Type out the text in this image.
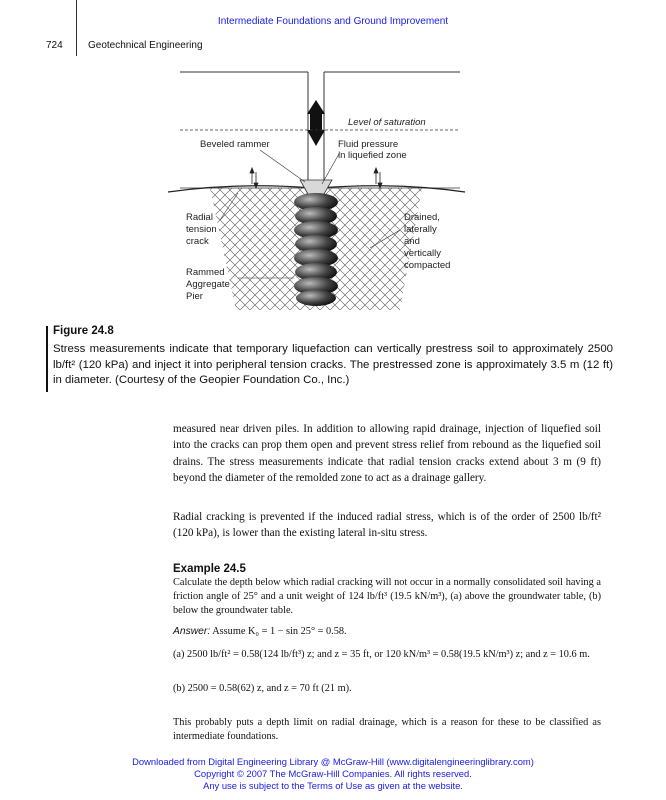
Intermediate Foundations and Ground Improvement
724	Geotechnical Engineering
Level of saturation
Beveled rammer	Fluid pressure
in liquefied zone
Radial
tension
crack
Rammed
Aggregate
Pier
Drained,
laterally
and
vertically
compacted
Figure 24.8
Stress measurements indicate that temporary liquefaction can vertically prestress soil to approximately 2500 lb/ft² (120 kPa) and inject it into peripheral tension cracks. The prestressed zone is approximately 3.5 m (12 ft) in diameter. (Courtesy of the Geopier Foundation Co., Inc.)
measured near driven piles. In addition to allowing rapid drainage, injection of liquefied soil into the cracks can prop them open and prevent stress relief from rebound as the liquefied soil drains. The stress measurements indicate that radial tension cracks extend about 3 m (9 ft) beyond the diameter of the remolded zone to act as a drainage gallery.
Radial cracking is prevented if the induced radial stress, which is of the order of 2500 lb/ft² (120 kPa), is lower than the existing lateral in-situ stress.
Example 24.5
Calculate the depth below which radial cracking will not occur in a normally consolidated soil having a friction angle of 25° and a unit weight of 124 lb/ft³ (19.5 kN/m³), (a) above the groundwater table, (b) below the groundwater table.
Answer: Assume K₀ = 1 − sin 25° = 0.58.
(a) 2500 lb/ft² = 0.58(124 lb/ft³) z; and z = 35 ft, or 120 kN/m³ = 0.58(19.5 kN/m³) z; and z = 10.6 m.
(b) 2500 = 0.58(62) z, and z = 70 ft (21 m).
This probably puts a depth limit on radial drainage, which is a reason for these to be classified as intermediate foundations.
Downloaded from Digital Engineering Library @ McGraw-Hill (www.digitalengineeringlibrary.com)
Copyright © 2007 The McGraw-Hill Companies. All rights reserved.
Any use is subject to the Terms of Use as given at the website.
